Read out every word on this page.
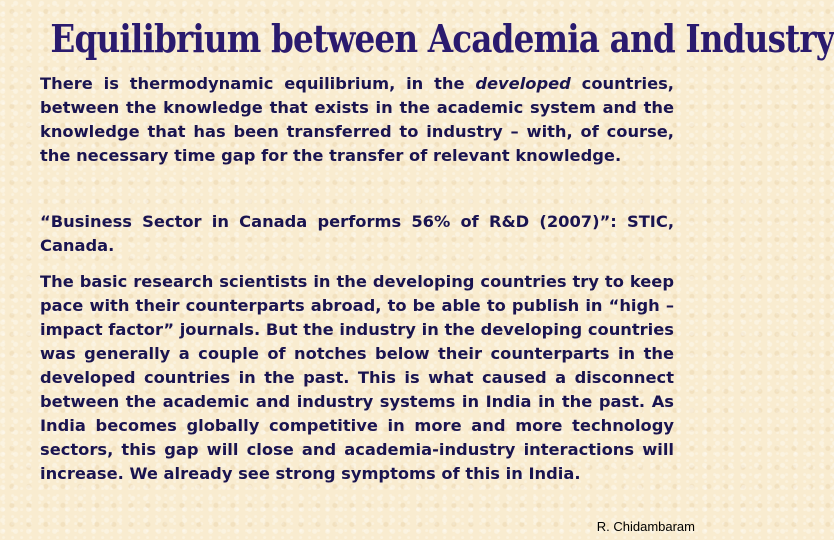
Equilibrium between Academia and Industry

There is thermodynamic equilibrium, in the developed countries, between the knowledge that exists in the academic system and the knowledge that has been transferred to industry – with, of course, the necessary time gap for the transfer of relevant knowledge.

“Business Sector in Canada performs 56% of R&D (2007)”: STIC, Canada.

The basic research scientists in the developing countries try to keep pace with their counterparts abroad, to be able to publish in “high – impact factor” journals. But the industry in the developing countries was generally a couple of notches below their counterparts in the developed countries in the past. This is what caused a disconnect between the academic and industry systems in India in the past. As India becomes globally competitive in more and more technology sectors, this gap will close and academia-industry interactions will increase. We already see strong symptoms of this in India.

R. Chidambaram
